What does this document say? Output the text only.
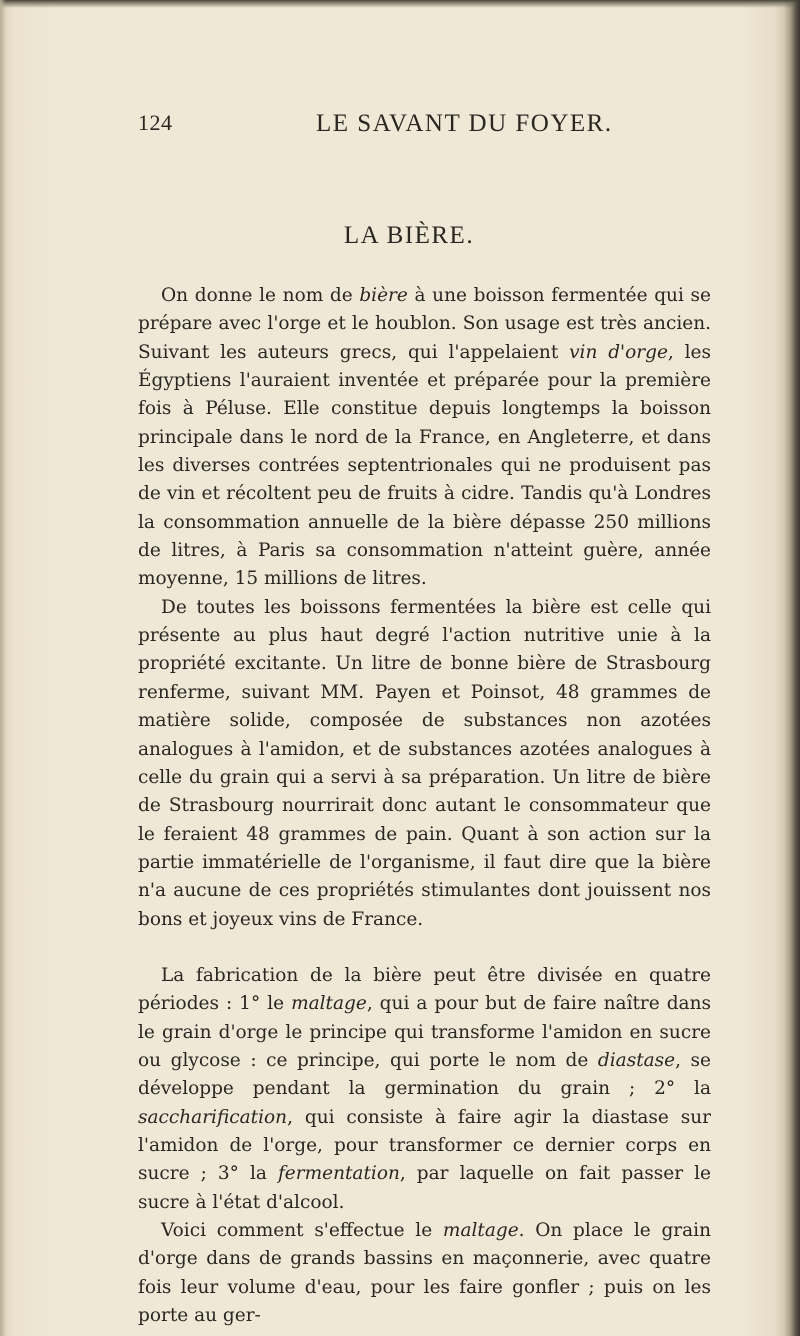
124	LE SAVANT DU FOYER.
LA BIÈRE.

On donne le nom de bière à une boisson fermentée qui se prépare avec l'orge et le houblon. Son usage est très ancien. Suivant les auteurs grecs, qui l'appelaient vin d'orge, les Égyptiens l'auraient inventée et préparée pour la première fois à Péluse. Elle constitue depuis longtemps la boisson principale dans le nord de la France, en Angleterre, et dans les diverses contrées septentrionales qui ne produisent pas de vin et récoltent peu de fruits à cidre. Tandis qu'à Londres la consommation annuelle de la bière dépasse 250 millions de litres, à Paris sa consommation n'atteint guère, année moyenne, 15 millions de litres.

De toutes les boissons fermentées la bière est celle qui présente au plus haut degré l'action nutritive unie à la propriété excitante. Un litre de bonne bière de Strasbourg renferme, suivant MM. Payen et Poinsot, 48 grammes de matière solide, composée de substances non azotées analogues à l'amidon, et de substances azotées analogues à celle du grain qui a servi à sa préparation. Un litre de bière de Strasbourg nourrirait donc autant le consommateur que le feraient 48 grammes de pain. Quant à son action sur la partie immatérielle de l'organisme, il faut dire que la bière n'a aucune de ces propriétés stimulantes dont jouissent nos bons et joyeux vins de France.

La fabrication de la bière peut être divisée en quatre périodes : 1° le maltage, qui a pour but de faire naître dans le grain d'orge le principe qui transforme l'amidon en sucre ou glycose : ce principe, qui porte le nom de diastase, se développe pendant la germination du grain ; 2° la saccharification, qui consiste à faire agir la diastase sur l'amidon de l'orge, pour transformer ce dernier corps en sucre ; 3° la fermentation, par laquelle on fait passer le sucre à l'état d'alcool.

Voici comment s'effectue le maltage. On place le grain d'orge dans de grands bassins en maçonnerie, avec quatre fois leur volume d'eau, pour les faire gonfler ; puis on les porte au ger-
